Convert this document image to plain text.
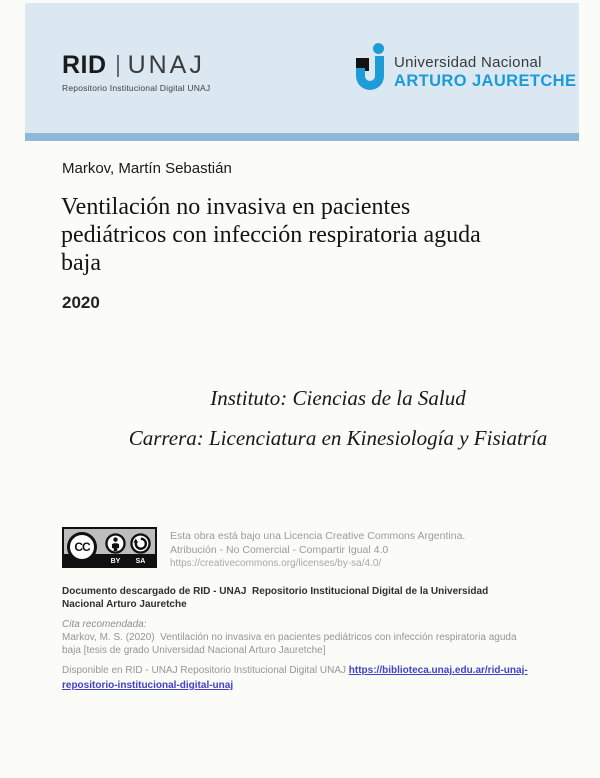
RID UNAJ
Repositorio Institucional Digital UNAJ
Universidad Nacional
ARTURO JAURETCHE
Markov, Martín Sebastián
Ventilación no invasiva en pacientes pediátricos con infección respiratoria aguda baja
2020
Instituto: Ciencias de la Salud
Carrera: Licenciatura en Kinesiología y Fisiatría
CC
BY	SA
Esta obra está bajo una Licencia Creative Commons Argentina.
Atribución - No Comercial - Compartir Igual 4.0
https://creativecommons.org/licenses/by-sa/4.0/
Documento descargado de RID - UNAJ  Repositorio Institucional Digital de la Universidad Nacional Arturo Jauretche
Cita recomendada:
Markov, M. S. (2020)  Ventilación no invasiva en pacientes pediátricos con infección respiratoria aguda baja [tesis de grado Universidad Nacional Arturo Jauretche]
Disponible en RID - UNAJ Repositorio Institucional Digital UNAJ https://biblioteca.unaj.edu.ar/rid-unaj-repositorio-institucional-digital-unaj
